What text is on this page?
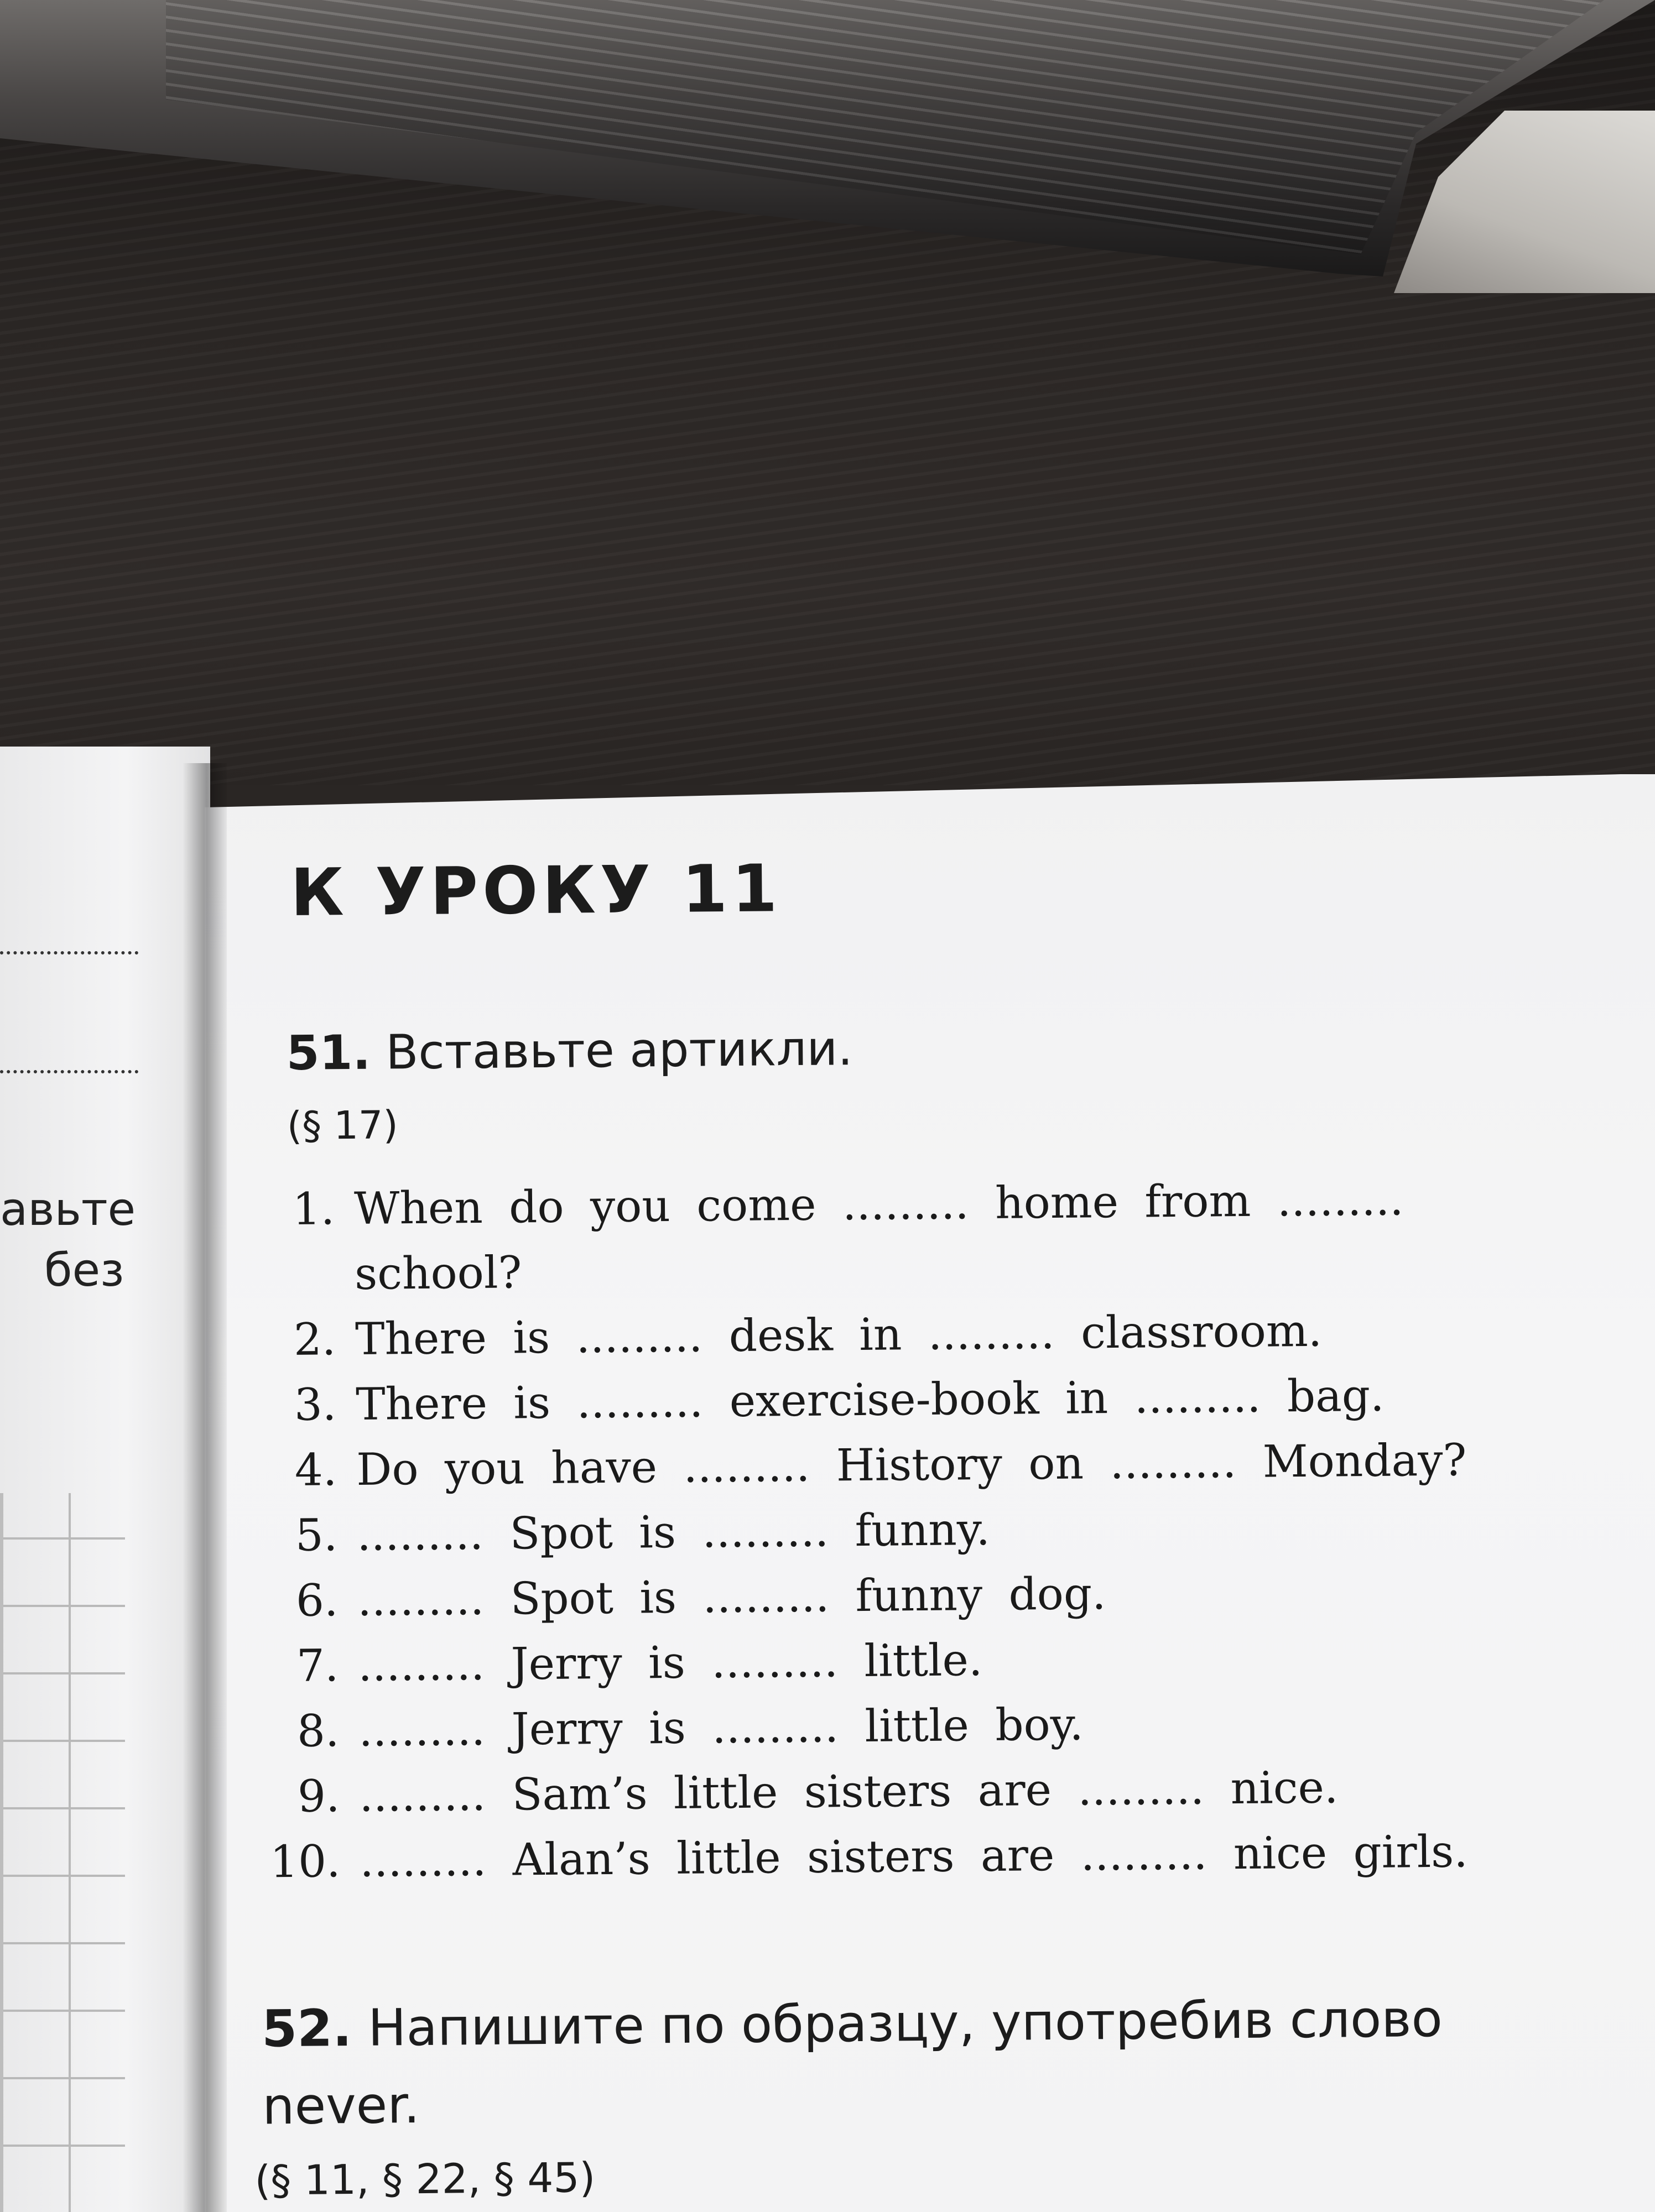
авьте
без
К УРОКУ 11
51. Вставьте артикли.
(§ 17)
1. When do you come ......... home from .........
school?
2. There is ......... desk in ......... classroom.
3. There is ......... exercise-book in ......... bag.
4. Do you have ......... History on ......... Monday?
5. ......... Spot is ......... funny.
6. ......... Spot is ......... funny dog.
7. ......... Jerry is ......... little.
8. ......... Jerry is ......... little boy.
9. ......... Sam’s little sisters are ......... nice.
10. ......... Alan’s little sisters are ......... nice girls.
52. Напишите по образцу, употребив слово
never.
(§ 11, § 22, § 45)
